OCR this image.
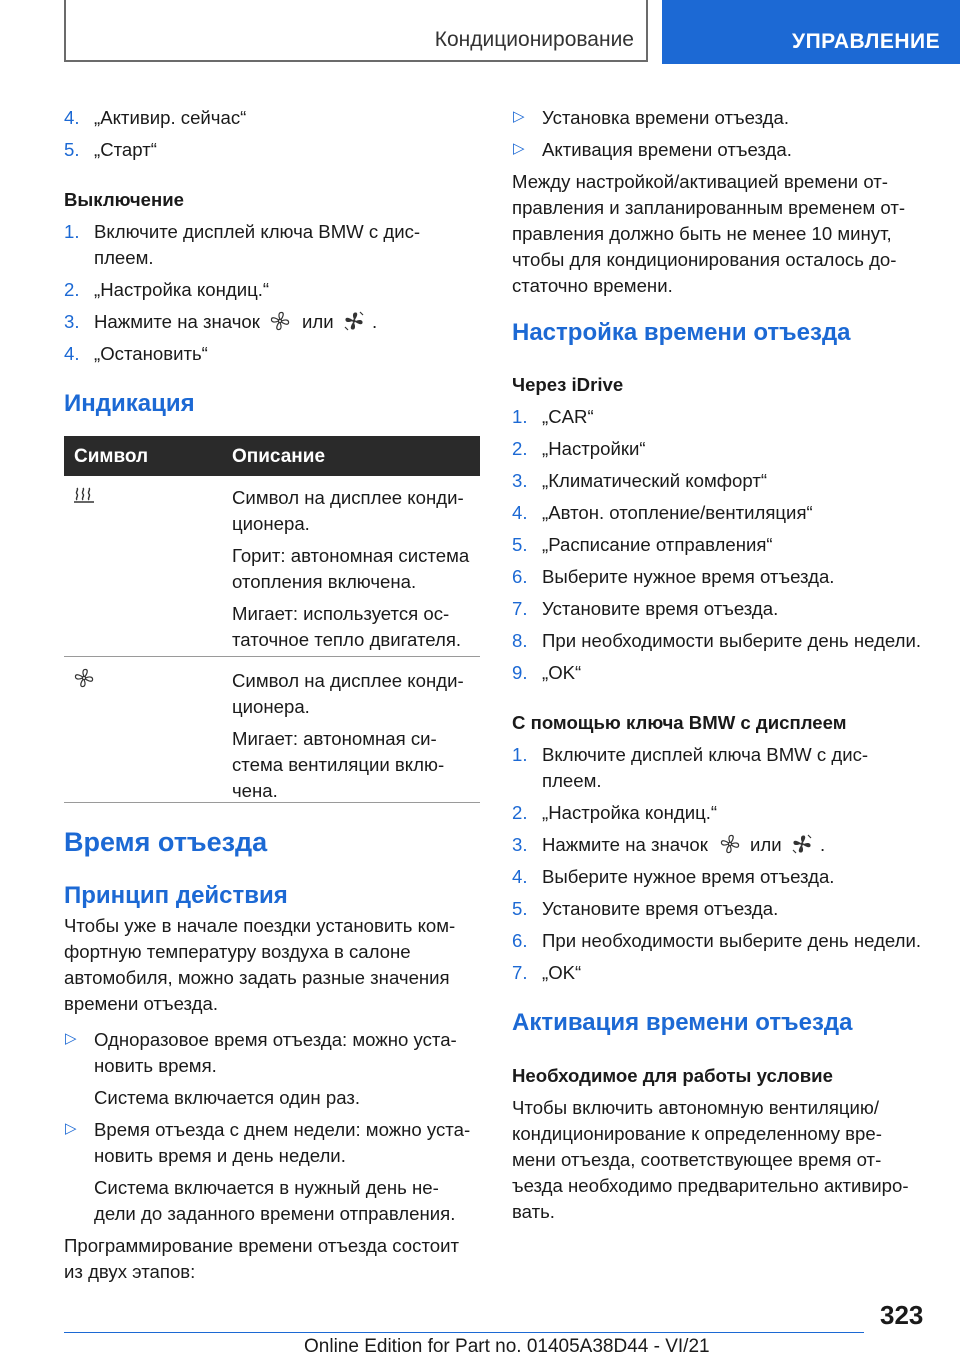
Кондиционирование	УПРАВЛЕНИЕ
4. „Активир. сейчас“
5. „Старт“
Выключение
1. Включите дисплей ключа BMW с дис-
плеем.
2. „Настройка кондиц.“
3. Нажмите на значок или .
4. „Остановить“
Индикация
Символ	Описание
Символ на дисплее конди-
ционера.
Горит: автономная система
отопления включена.
Мигает: используется ос-
таточное тепло двигателя.
Символ на дисплее конди-
ционера.
Мигает: автономная си-
стема вентиляции вклю-
чена.
Время отъезда
Принцип действия
Чтобы уже в начале поездки установить ком-
фортную температуру воздуха в салоне
автомобиля, можно задать разные значения
времени отъезда.
▷ Одноразовое время отъезда: можно уста-
новить время.
Система включается один раз.
▷ Время отъезда с днем недели: можно уста-
новить время и день недели.
Система включается в нужный день не-
дели до заданного времени отправления.
Программирование времени отъезда состоит
из двух этапов:
▷ Установка времени отъезда.
▷ Активация времени отъезда.
Между настройкой/активацией времени от-
правления и запланированным временем от-
правления должно быть не менее 10 минут,
чтобы для кондиционирования осталось до-
статочно времени.
Настройка времени отъезда
Через iDrive
1. „CAR“
2. „Настройки“
3. „Климатический комфорт“
4. „Автон. отопление/вентиляция“
5. „Расписание отправления“
6. Выберите нужное время отъезда.
7. Установите время отъезда.
8. При необходимости выберите день недели.
9. „OK“
С помощью ключа BMW с дисплеем
1. Включите дисплей ключа BMW с дис-
плеем.
2. „Настройка кондиц.“
3. Нажмите на значок или .
4. Выберите нужное время отъезда.
5. Установите время отъезда.
6. При необходимости выберите день недели.
7. „OK“
Активация времени отъезда
Необходимое для работы условие
Чтобы включить автономную вентиляцию/
кондиционирование к определенному вре-
мени отъезда, соответствующее время от-
ъезда необходимо предварительно активиро-
вать.
323
Online Edition for Part no. 01405A38D44 - VI/21
